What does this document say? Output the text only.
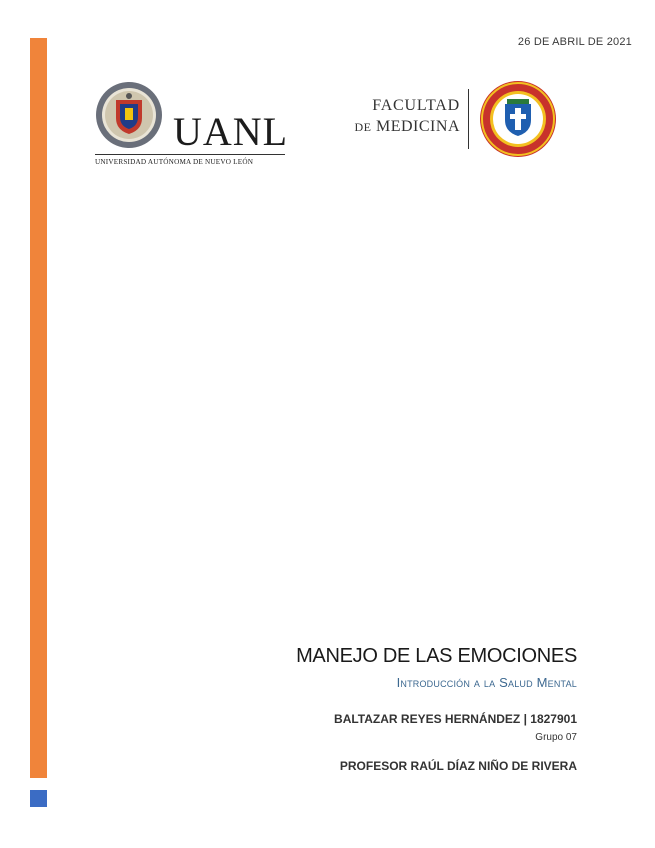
26 DE ABRIL DE 2021
UANL
UNIVERSIDAD AUTÓNOMA DE NUEVO LEÓN
FACULTAD
DE MEDICINA
MANEJO DE LAS EMOCIONES
Introducción a la Salud Mental
BALTAZAR REYES HERNÁNDEZ | 1827901
Grupo 07
PROFESOR RAÚL DÍAZ NIÑO DE RIVERA
